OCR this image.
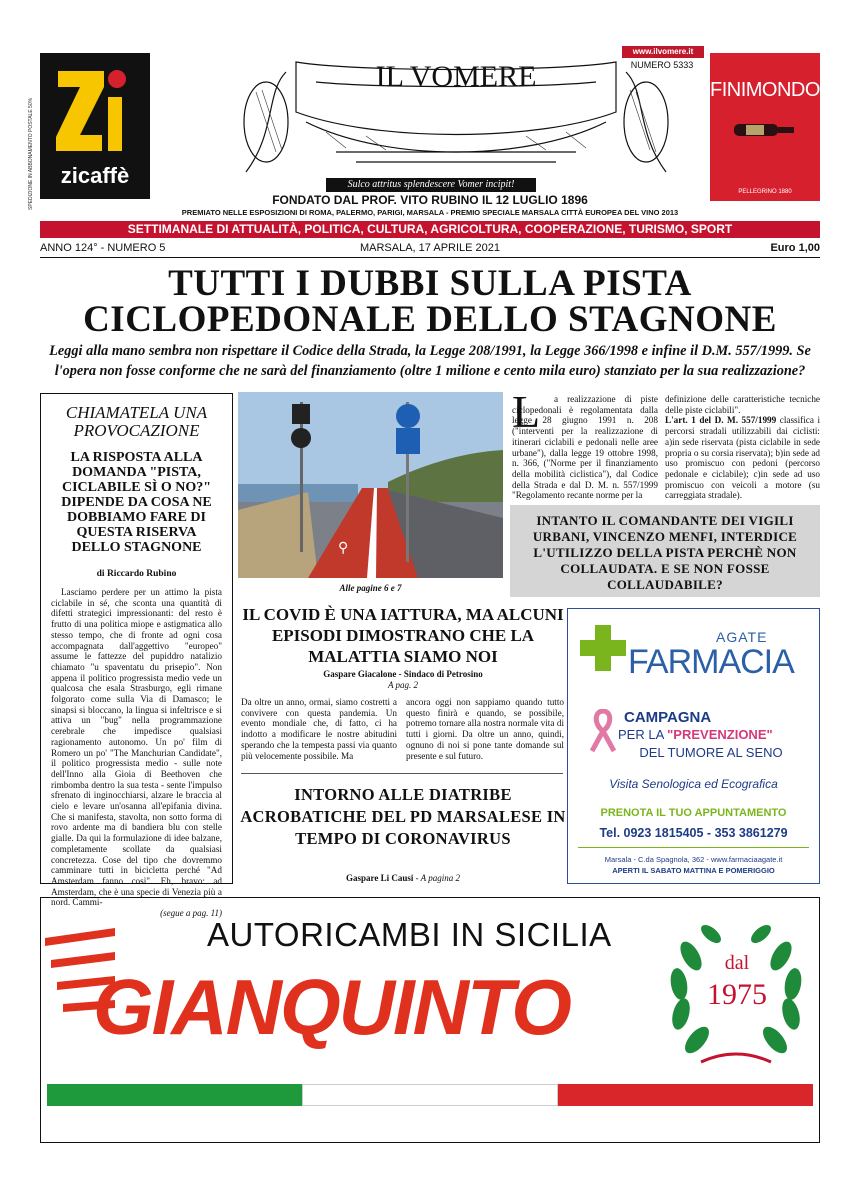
SPEDIZIONE IN ABBONAMENTO POSTALE 50%	zicaffè
IL VOMERE
Sulco attritus splendescere Vomer incipit!
www.ilvomere.it
NUMERO 5333
FINIMONDO!
PELLEGRINO 1880
FONDATO DAL PROF. VITO RUBINO IL 12 LUGLIO 1896
PREMIATO NELLE ESPOSIZIONI DI ROMA, PALERMO, PARIGI, MARSALA - PREMIO SPECIALE MARSALA CITTÀ EUROPEA DEL VINO 2013
SETTIMANALE DI ATTUALITÀ, POLITICA, CULTURA, AGRICOLTURA, COOPERAZIONE, TURISMO, SPORT
ANNO 124° - NUMERO 5	MARSALA, 17 APRILE 2021	Euro 1,00
TUTTI I DUBBI SULLA PISTA CICLOPEDONALE DELLO STAGNONE
Leggi alla mano sembra non rispettare il Codice della Strada, la Legge 208/1991, la Legge 366/1998 e infine il D.M. 557/1999. Se l'opera non fosse conforme che ne sarà del finanziamento (oltre 1 milione e cento mila euro) stanziato per la sua realizzazione?
CHIAMATELA UNA PROVOCAZIONE
LA RISPOSTA ALLA DOMANDA "PISTA, CICLABILE SÌ O NO?" DIPENDE DA COSA NE DOBBIAMO FARE DI QUESTA RISERVA DELLO STAGNONE
di Riccardo Rubino
Lasciamo perdere per un attimo la pista ciclabile in sé, che sconta una quantità di difetti strategici impressionanti: del resto è frutto di una politica miope e astigmatica allo stesso tempo, che di fronte ad ogni cosa accompagnata dall'aggettivo "europeo" assume le fattezze del pupiddro natalizio chiamato "u spaventatu du prisepio". Non appena il politico progressista medio vede un qualcosa che esala Strasburgo, egli rimane folgorato come sulla Via di Damasco; le sinapsi si bloccano, la lingua si infeltrisce e si attiva un "bug" nella programmazione cerebrale che impedisce qualsiasi ragionamento autonomo. Un po' film di Romero un po' "The Manchurian Candidate", il politico progressista medio - sulle note dell'Inno alla Gioia di Beethoven che rimbomba dentro la sua testa - sente l'impulso sfrenato di inginocchiarsi, alzare le braccia al cielo e levare un'osanna all'epifania divina. Che si manifesta, stavolta, non sotto forma di rovo ardente ma di bandiera blu con stelle gialle. Da qui la formulazione di idee balzane, completamente scollate da qualsiasi concretezza. Cose del tipo che dovremmo camminare tutti in bicicletta perché "Ad Amsterdam fanno così". Eh, bravo: ad Amsterdam, che è una specie di Venezia più a nord. Cammi-
(segue a pag. 11)
⚲
Alle pagine 6 e 7
L	a realizzazione di piste ciclopedonali è regolamentata dalla legge 28 giugno 1991 n. 208 ("interventi per la realizzazione di itinerari ciclabili e pedonali nelle aree urbane"), dalla legge 19 ottobre 1998, n. 366, ("Norme per il finanziamento della mobilità ciclistica"), dal Codice della Strada e dal D. M. n. 557/1999 "Regolamento recante norme per la
definizione delle caratteristiche tecniche delle piste ciclabili".
L'art. 1 del D. M. 557/1999 classifica i percorsi stradali utilizzabili dai ciclisti: a)in sede riservata (pista ciclabile in sede propria o su corsia riservata); b)in sede ad uso promiscuo con pedoni (percorso pedonale e ciclabile); c)in sede ad uso promiscuo con veicoli a motore (su carreggiata stradale).
INTANTO IL COMANDANTE DEI VIGILI URBANI, VINCENZO MENFI, INTERDICE L'UTILIZZO DELLA PISTA PERCHÈ NON COLLAUDATA. E SE NON FOSSE COLLAUDABILE?
IL COVID È UNA IATTURA, MA ALCUNI EPISODI DIMOSTRANO CHE LA MALATTIA SIAMO NOI
Gaspare Giacalone - Sindaco di Petrosino
A pag. 2
Da oltre un anno, ormai, siamo costretti a convivere con questa pandemia. Un evento mondiale che, di fatto, ci ha indotto a modificare le nostre abitudini sperando che la tempesta passi via quanto più velocemente possibile. Ma
ancora oggi non sappiamo quando tutto questo finirà e quando, se possibile, potremo tornare alla nostra normale vita di tutti i giorni. Da oltre un anno, quindi, ognuno di noi si pone tante domande sul presente e sul futuro.
INTORNO ALLE DIATRIBE ACROBATICHE DEL PD MARSALESE IN TEMPO DI CORONAVIRUS
Gaspare Li Causi - A pagina 2
AGATE
FARMACIA
CAMPAGNA
PER LA "PREVENZIONE"
DEL TUMORE AL SENO
Visita Senologica ed Ecografica
PRENOTA IL TUO APPUNTAMENTO
Tel. 0923 1815405 - 353 3861279
Marsala - C.da Spagnola, 362 - www.farmaciaagate.it
APERTI IL SABATO MATTINA E POMERIGGIO
AUTORICAMBI IN SICILIA
GIANQUINTO	dal
1975
